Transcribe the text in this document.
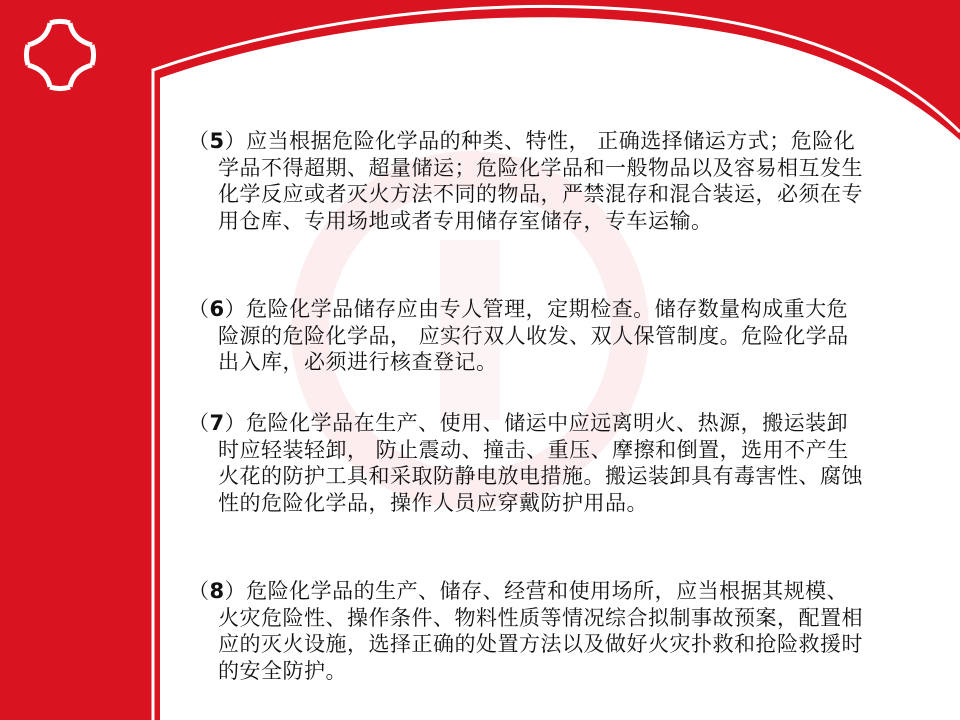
（5）应当根据危险化学品的种类、特性， 正确选择储运方式；危险化学品不得超期、超量储运；危险化学品和一般物品以及容易相互发生化学反应或者灭火方法不同的物品，严禁混存和混合装运，必须在专用仓库、专用场地或者专用储存室储存，专车运输。
（6）危险化学品储存应由专人管理，定期检查。储存数量构成重大危险源的危险化学品， 应实行双人收发、双人保管制度。危险化学品出入库，必须进行核查登记。
（7）危险化学品在生产、使用、储运中应远离明火、热源，搬运装卸时应轻装轻卸， 防止震动、撞击、重压、摩擦和倒置，选用不产生火花的防护工具和采取防静电放电措施。搬运装卸具有毒害性、腐蚀性的危险化学品，操作人员应穿戴防护用品。
（8）危险化学品的生产、储存、经营和使用场所，应当根据其规模、火灾危险性、操作条件、物料性质等情况综合拟制事故预案，配置相应的灭火设施，选择正确的处置方法以及做好火灾扑救和抢险救援时的安全防护。
